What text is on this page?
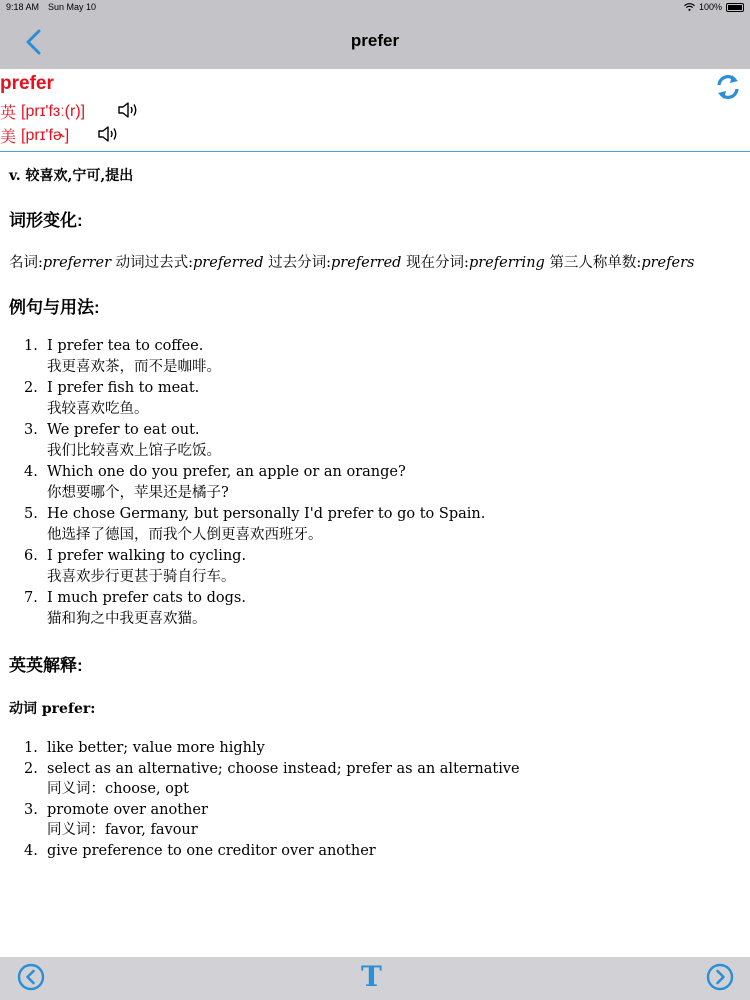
9:18 AM Sun May 10	100%
prefer
prefer
英 [prɪ'fɜː(r)]
美 [prɪ'fɚ]
v. 较喜欢,宁可,提出
词形变化:
名词:preferrer 动词过去式:preferred 过去分词:preferred 现在分词:preferring 第三人称单数:prefers
例句与用法:
1. I prefer tea to coffee.
我更喜欢茶，而不是咖啡。
2. I prefer fish to meat.
我较喜欢吃鱼。
3. We prefer to eat out.
我们比较喜欢上馆子吃饭。
4. Which one do you prefer, an apple or an orange?
你想要哪个，苹果还是橘子?
5. He chose Germany, but personally I'd prefer to go to Spain.
他选择了德国，而我个人倒更喜欢西班牙。
6. I prefer walking to cycling.
我喜欢步行更甚于骑自行车。
7. I much prefer cats to dogs.
猫和狗之中我更喜欢猫。
英英解释:
动词 prefer:
1. like better; value more highly
2. select as an alternative; choose instead; prefer as an alternative
同义词：choose, opt
3. promote over another
同义词：favor, favour
4. give preference to one creditor over another
T
